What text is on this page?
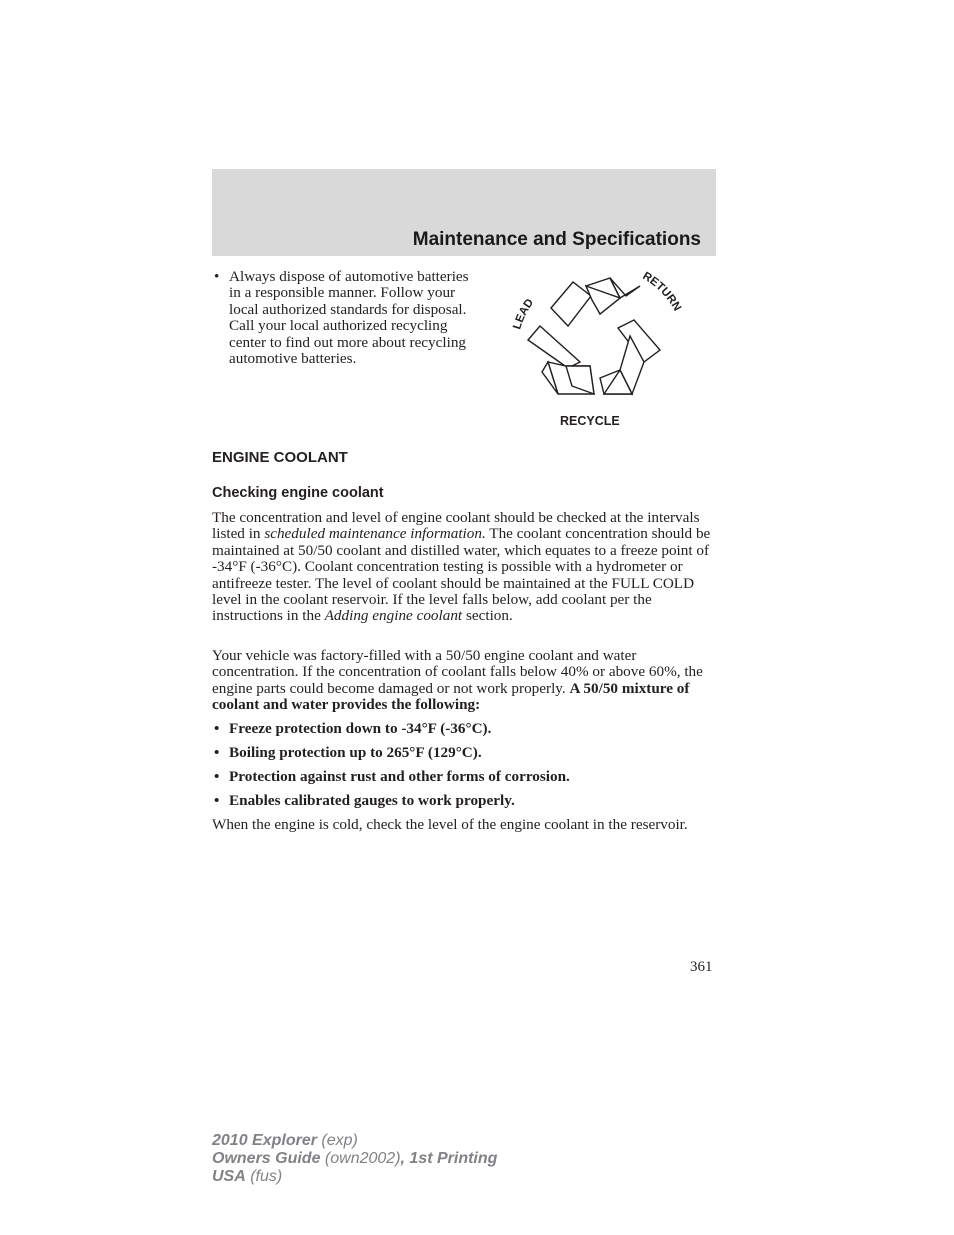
Maintenance and Specifications
• Always dispose of automotive batteries in a responsible manner. Follow your local authorized standards for disposal. Call your local authorized recycling center to find out more about recycling automotive batteries.
LEAD
RETURN
RECYCLE
ENGINE COOLANT
Checking engine coolant

The concentration and level of engine coolant should be checked at the intervals listed in scheduled maintenance information. The coolant concentration should be maintained at 50/50 coolant and distilled water, which equates to a freeze point of -34°F (-36°C). Coolant concentration testing is possible with a hydrometer or antifreeze tester. The level of coolant should be maintained at the FULL COLD level in the coolant reservoir. If the level falls below, add coolant per the instructions in the Adding engine coolant section.

Your vehicle was factory-filled with a 50/50 engine coolant and water concentration. If the concentration of coolant falls below 40% or above 60%, the engine parts could become damaged or not work properly. A 50/50 mixture of coolant and water provides the following:

• Freeze protection down to -34°F (-36°C).
• Boiling protection up to 265°F (129°C).
• Protection against rust and other forms of corrosion.
• Enables calibrated gauges to work properly.

When the engine is cold, check the level of the engine coolant in the reservoir.

361
2010 Explorer (exp)
Owners Guide (own2002), 1st Printing
USA (fus)
